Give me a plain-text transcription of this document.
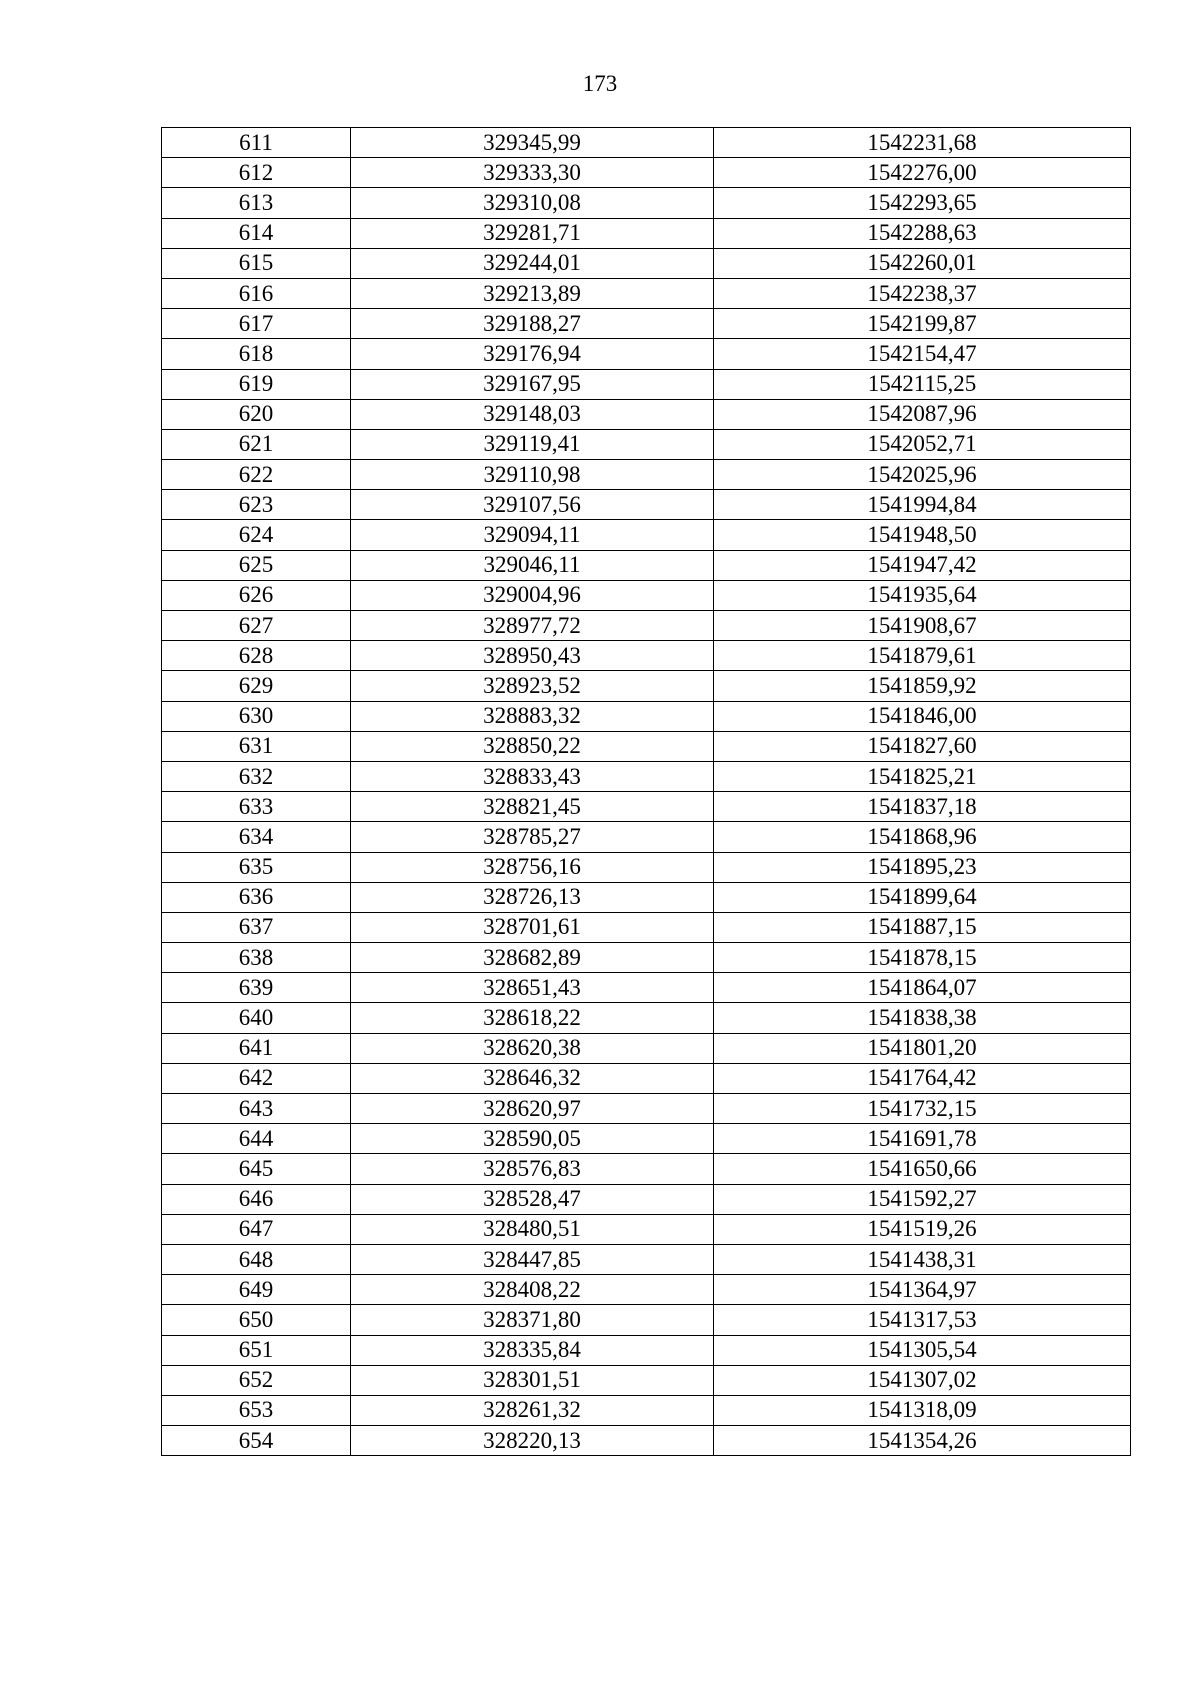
173
611	329345,99	1542231,68
612	329333,30	1542276,00
613	329310,08	1542293,65
614	329281,71	1542288,63
615	329244,01	1542260,01
616	329213,89	1542238,37
617	329188,27	1542199,87
618	329176,94	1542154,47
619	329167,95	1542115,25
620	329148,03	1542087,96
621	329119,41	1542052,71
622	329110,98	1542025,96
623	329107,56	1541994,84
624	329094,11	1541948,50
625	329046,11	1541947,42
626	329004,96	1541935,64
627	328977,72	1541908,67
628	328950,43	1541879,61
629	328923,52	1541859,92
630	328883,32	1541846,00
631	328850,22	1541827,60
632	328833,43	1541825,21
633	328821,45	1541837,18
634	328785,27	1541868,96
635	328756,16	1541895,23
636	328726,13	1541899,64
637	328701,61	1541887,15
638	328682,89	1541878,15
639	328651,43	1541864,07
640	328618,22	1541838,38
641	328620,38	1541801,20
642	328646,32	1541764,42
643	328620,97	1541732,15
644	328590,05	1541691,78
645	328576,83	1541650,66
646	328528,47	1541592,27
647	328480,51	1541519,26
648	328447,85	1541438,31
649	328408,22	1541364,97
650	328371,80	1541317,53
651	328335,84	1541305,54
652	328301,51	1541307,02
653	328261,32	1541318,09
654	328220,13	1541354,26
